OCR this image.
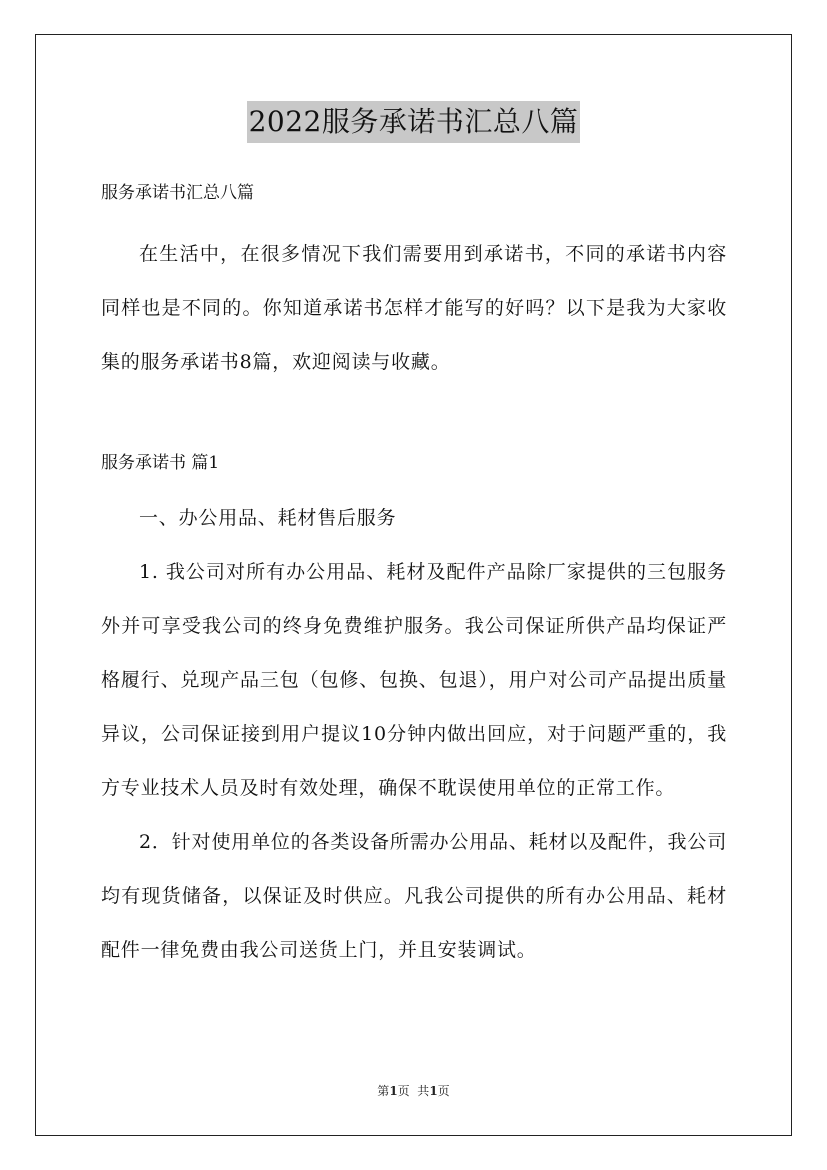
2022服务承诺书汇总八篇

服务承诺书汇总八篇

在生活中，在很多情况下我们需要用到承诺书，不同的承诺书内容同样也是不同的。你知道承诺书怎样才能写的好吗？以下是我为大家收集的服务承诺书8篇，欢迎阅读与收藏。

服务承诺书 篇1

一、办公用品、耗材售后服务

1. 我公司对所有办公用品、耗材及配件产品除厂家提供的三包服务外并可享受我公司的终身免费维护服务。我公司保证所供产品均保证严格履行、兑现产品三包（包修、包换、包退），用户对公司产品提出质量异议，公司保证接到用户提议10分钟内做出回应，对于问题严重的，我方专业技术人员及时有效处理，确保不耽误使用单位的正常工作。

2．针对使用单位的各类设备所需办公用品、耗材以及配件，我公司均有现货储备，以保证及时供应。凡我公司提供的所有办公用品、耗材配件一律免费由我公司送货上门，并且安装调试。

第1页  共1页
